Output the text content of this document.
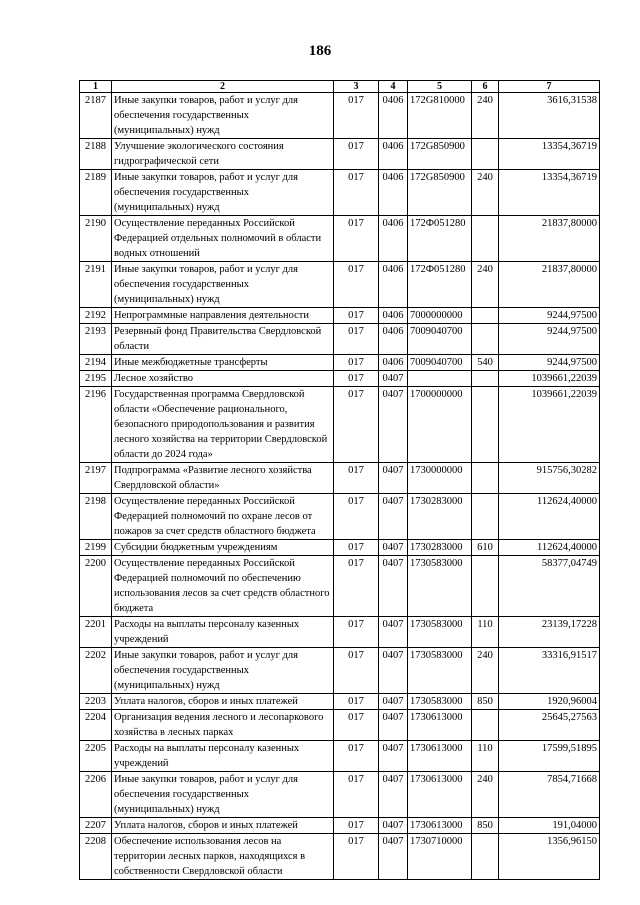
186
1	2	3	4	5	6	7
2187	Иные закупки товаров, работ и услуг для обеспечения государственных (муниципальных) нужд	017	0406	172G810000	240	3616,31538
2188	Улучшение экологического состояния гидрографической сети	017	0406	172G850900		13354,36719
2189	Иные закупки товаров, работ и услуг для обеспечения государственных (муниципальных) нужд	017	0406	172G850900	240	13354,36719
2190	Осуществление переданных Российской Федерацией отдельных полномочий в области водных отношений	017	0406	172Ф051280		21837,80000
2191	Иные закупки товаров, работ и услуг для обеспечения государственных (муниципальных) нужд	017	0406	172Ф051280	240	21837,80000
2192	Непрограммные направления деятельности	017	0406	7000000000		9244,97500
2193	Резервный фонд Правительства Свердловской области	017	0406	7009040700		9244,97500
2194	Иные межбюджетные трансферты	017	0406	7009040700	540	9244,97500
2195	Лесное хозяйство	017	0407			1039661,22039
2196	Государственная программа Свердловской области «Обеспечение рационального, безопасного природопользования и развития лесного хозяйства на территории Свердловской области до 2024 года»	017	0407	1700000000		1039661,22039
2197	Подпрограмма «Развитие лесного хозяйства Свердловской области»	017	0407	1730000000		915756,30282
2198	Осуществление переданных Российской Федерацией полномочий по охране лесов от пожаров за счет средств областного бюджета	017	0407	1730283000		112624,40000
2199	Субсидии бюджетным учреждениям	017	0407	1730283000	610	112624,40000
2200	Осуществление переданных Российской Федерацией полномочий по обеспечению использования лесов за счет средств областного бюджета	017	0407	1730583000		58377,04749
2201	Расходы на выплаты персоналу казенных учреждений	017	0407	1730583000	110	23139,17228
2202	Иные закупки товаров, работ и услуг для обеспечения государственных (муниципальных) нужд	017	0407	1730583000	240	33316,91517
2203	Уплата налогов, сборов и иных платежей	017	0407	1730583000	850	1920,96004
2204	Организация ведения лесного и лесопаркового хозяйства в лесных парках	017	0407	1730613000		25645,27563
2205	Расходы на выплаты персоналу казенных учреждений	017	0407	1730613000	110	17599,51895
2206	Иные закупки товаров, работ и услуг для обеспечения государственных (муниципальных) нужд	017	0407	1730613000	240	7854,71668
2207	Уплата налогов, сборов и иных платежей	017	0407	1730613000	850	191,04000
2208	Обеспечение использования лесов на территории лесных парков, находящихся в собственности Свердловской области	017	0407	1730710000		1356,96150
